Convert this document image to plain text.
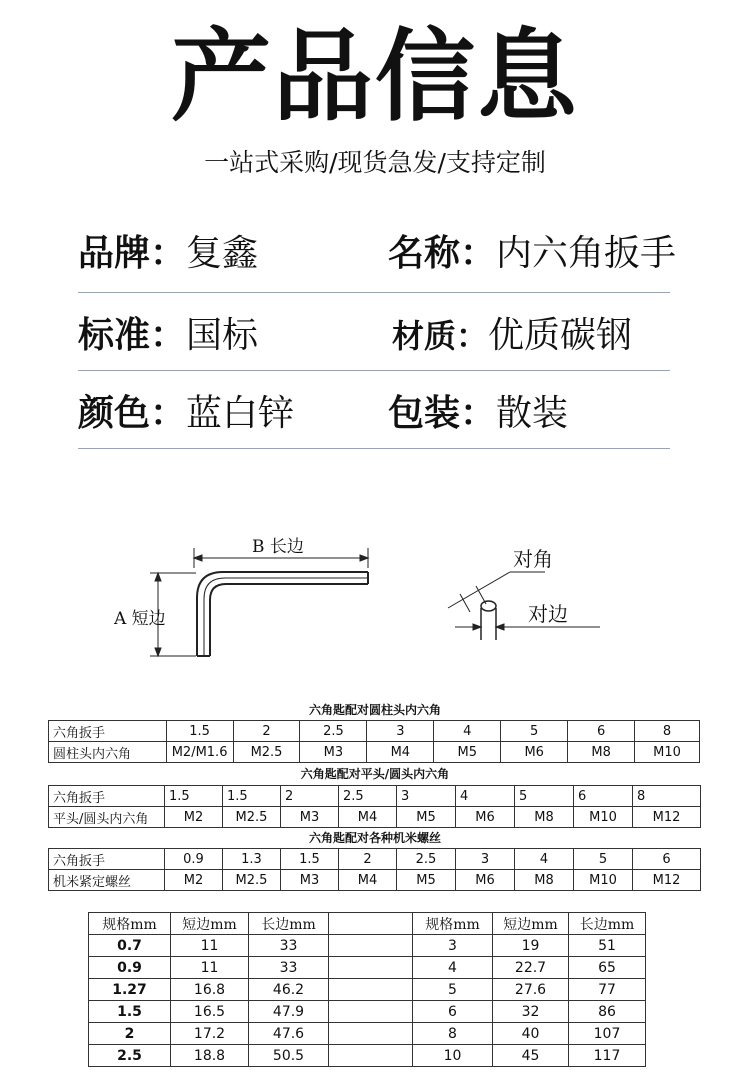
产品信息
一站式采购/现货急发/支持定制
品牌：复鑫	名称：内六角扳手
标准：国标	材质：优质碳钢
颜色：蓝白锌	包装：散装
B 长边
A 短边
对角
对边
六角匙配对圆柱头内六角
六角扳手	1.5	2	2.5	3	4	5	6	8
圆柱头内六角	M2/M1.6	M2.5	M3	M4	M5	M6	M8	M10
六角匙配对平头/圆头内六角
六角扳手	1.5	1.5	2	2.5	3	4	5	6	8
平头/圆头内六角	M2	M2.5	M3	M4	M5	M6	M8	M10	M12
六角匙配对各种机米螺丝
六角扳手	0.9	1.3	1.5	2	2.5	3	4	5	6
机米紧定螺丝	M2	M2.5	M3	M4	M5	M6	M8	M10	M12
规格mm	短边mm	长边mm		规格mm	短边mm	长边mm
0.7	11	33		3	19	51
0.9	11	33		4	22.7	65
1.27	16.8	46.2		5	27.6	77
1.5	16.5	47.9		6	32	86
2	17.2	47.6		8	40	107
2.5	18.8	50.5		10	45	117
